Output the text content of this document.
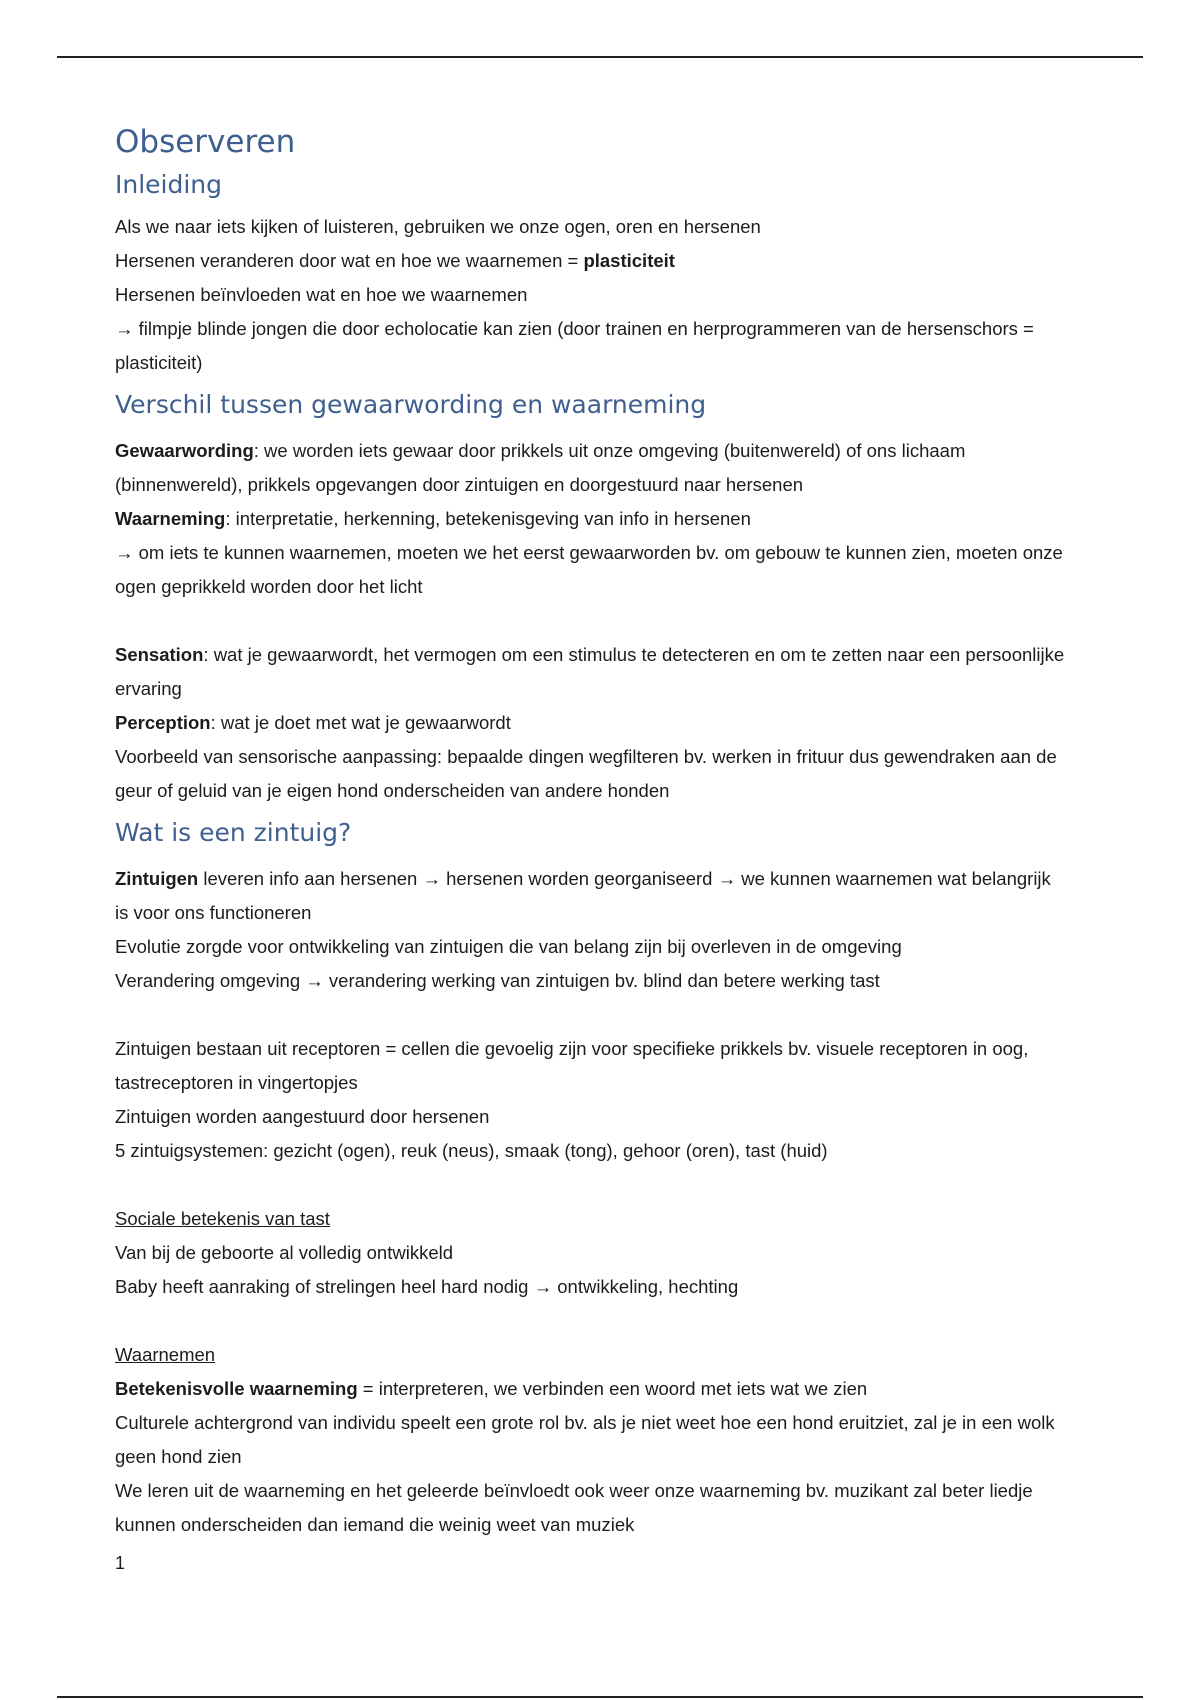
Observeren
Inleiding

Als we naar iets kijken of luisteren, gebruiken we onze ogen, oren en hersenen

Hersenen veranderen door wat en hoe we waarnemen = plasticiteit

Hersenen beïnvloeden wat en hoe we waarnemen

→ filmpje blinde jongen die door echolocatie kan zien (door trainen en herprogrammeren van de hersenschors = plasticiteit)

Verschil tussen gewaarwording en waarneming

Gewaarwording: we worden iets gewaar door prikkels uit onze omgeving (buitenwereld) of ons lichaam (binnenwereld), prikkels opgevangen door zintuigen en doorgestuurd naar hersenen

Waarneming: interpretatie, herkenning, betekenisgeving van info in hersenen

→ om iets te kunnen waarnemen, moeten we het eerst gewaarworden bv. om gebouw te kunnen zien, moeten onze ogen geprikkeld worden door het licht

Sensation: wat je gewaarwordt, het vermogen om een stimulus te detecteren en om te zetten naar een persoonlijke ervaring

Perception: wat je doet met wat je gewaarwordt

Voorbeeld van sensorische aanpassing: bepaalde dingen wegfilteren bv. werken in frituur dus gewendraken aan de geur of geluid van je eigen hond onderscheiden van andere honden

Wat is een zintuig?

Zintuigen leveren info aan hersenen → hersenen worden georganiseerd → we kunnen waarnemen wat belangrijk is voor ons functioneren

Evolutie zorgde voor ontwikkeling van zintuigen die van belang zijn bij overleven in de omgeving

Verandering omgeving → verandering werking van zintuigen bv. blind dan betere werking tast

Zintuigen bestaan uit receptoren = cellen die gevoelig zijn voor specifieke prikkels bv. visuele receptoren in oog, tastreceptoren in vingertopjes

Zintuigen worden aangestuurd door hersenen

5 zintuigsystemen: gezicht (ogen), reuk (neus), smaak (tong), gehoor (oren), tast (huid)

Sociale betekenis van tast

Van bij de geboorte al volledig ontwikkeld

Baby heeft aanraking of strelingen heel hard nodig → ontwikkeling, hechting

Waarnemen

Betekenisvolle waarneming = interpreteren, we verbinden een woord met iets wat we zien

Culturele achtergrond van individu speelt een grote rol bv. als je niet weet hoe een hond eruitziet, zal je in een wolk geen hond zien

We leren uit de waarneming en het geleerde beïnvloedt ook weer onze waarneming bv. muzikant zal beter liedje kunnen onderscheiden dan iemand die weinig weet van muziek

1
